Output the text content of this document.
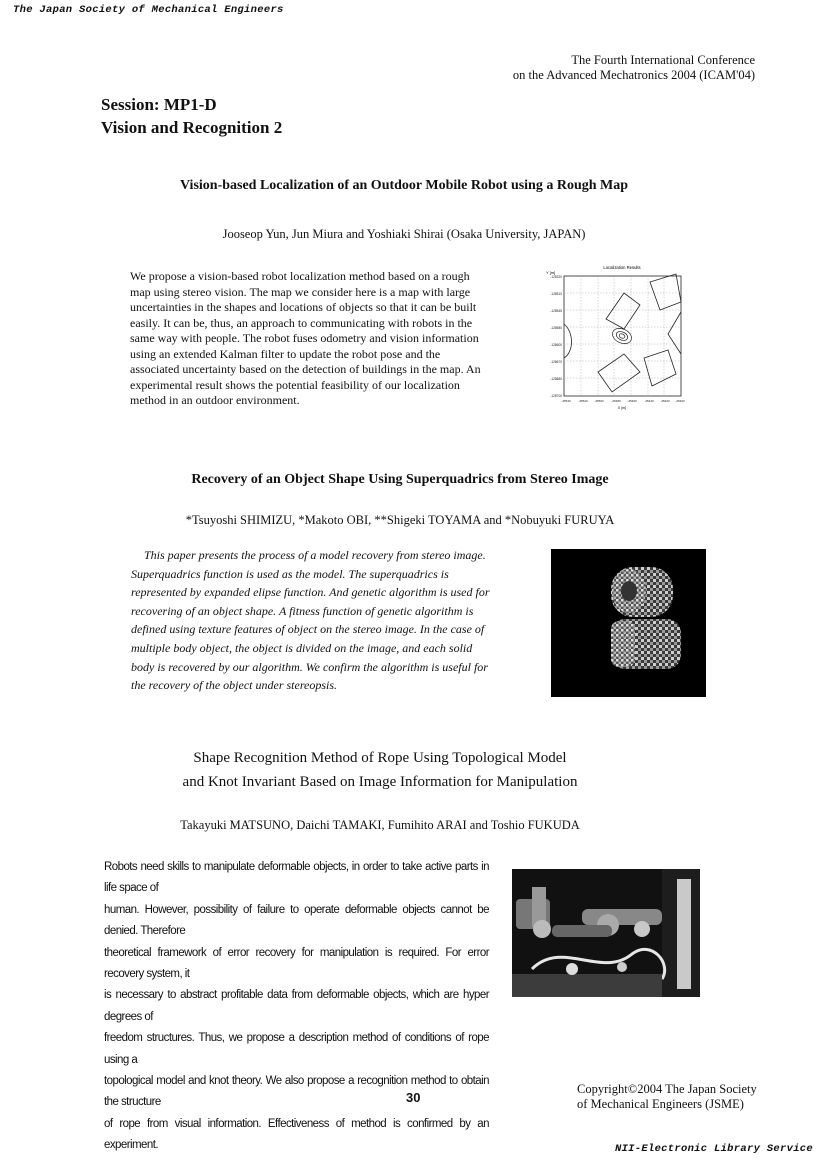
The Japan Society of Mechanical Engineers
The Fourth International Conference
on the Advanced Mechatronics 2004 (ICAM'04)
Session: MP1-D
Vision and Recognition 2
Vision-based Localization of an Outdoor Mobile Robot using a Rough Map
Jooseop Yun, Jun Miura and Yoshiaki Shirai (Osaka University, JAPAN)
We propose a vision-based robot localization method based on a rough
map using stereo vision. The map we consider here is a map with large
uncertainties in the shapes and locations of objects so that it can be built
easily. It can be, thus, an approach to communicating with robots in the
same way with people. The robot fuses odometry and vision information
using an extended Kalman filter to update the robot pose and the
associated uncertainty based on the detection of buildings in the map. An
experimental result shows the potential feasibility of our localization
method in an outdoor environment.
Localization Results
Y [m]
-128320
-128510
-128545
-128580
-128600
-128670
-128680
-128700
-45540	-45520 -45500	-45480 -45460	-45440 -45420 -45400
X [m]
Recovery of an Object Shape Using Superquadrics from Stereo Image
*Tsuyoshi SHIMIZU, *Makoto OBI, **Shigeki TOYAMA and *Nobuyuki FURUYA
This paper presents the process of a model recovery from stereo image.
Superquadrics function is used as the model. The superquadrics is
represented by expanded elipse function. And genetic algorithm is used for
recovering of an object shape. A fitness function of genetic algorithm is
defined using texture features of object on the stereo image. In the case of
multiple body object, the object is divided on the image, and each solid
body is recovered by our algorithm. We confirm the algorithm is useful for
the recovery of the object under stereopsis.
Shape Recognition Method of Rope Using Topological Model
and Knot Invariant Based on Image Information for Manipulation
Takayuki MATSUNO, Daichi TAMAKI, Fumihito ARAI and Toshio FUKUDA
Robots need skills to manipulate deformable objects, in order to take active parts in life space of
human. However, possibility of failure to operate deformable objects cannot be denied. Therefore
theoretical framework of error recovery for manipulation is required. For error recovery system, it
is necessary to abstract profitable data from deformable objects, which are hyper degrees of
freedom structures. Thus, we propose a description method of conditions of rope using a
topological model and knot theory. We also propose a recognition method to obtain the structure
of rope from visual information. Effectiveness of method is confirmed by an experiment.
30
Copyright©2004 The Japan Society
of Mechanical Engineers (JSME)
NII-Electronic Library Service
